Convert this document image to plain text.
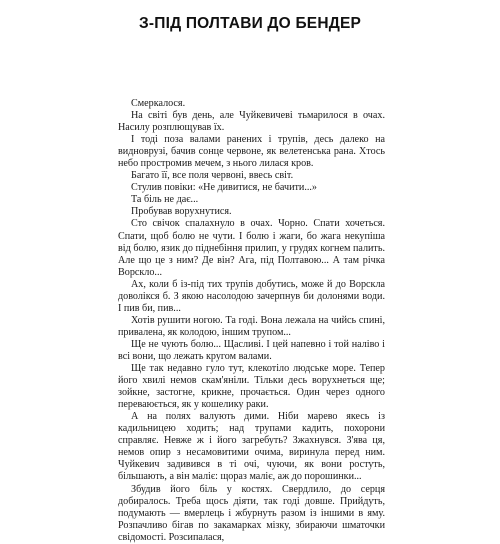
З-ПІД ПОЛТАВИ ДО БЕНДЕР

Смеркалося.

На світі був день, але Чуйкевичеві тьмарилося в очах. Насилу розплющував їх.

І тоді поза валами ранених і трупів, десь далеко на видноврузі, бачив сонце червоне, як велетенська рана. Хтось небо простромив мечем, з нього лилася кров.

Багато її, все поля червоні, ввесь світ.

Стулив повіки: «Не дивитися, не бачити...»

Та біль не дає...

Пробував ворухнутися.

Сто свічок спалахнуло в очах. Чорно. Спати хочеться. Спати, щоб болю не чути. І болю і жаги, бо жага некупіша від болю, язик до піднебіння прилип, у грудях когнем палить. Але що це з ним? Де він? Ага, під Полтавою... А там річка Ворскло...

Ах, коли б із-під тих трупів добутись, може й до Ворскла доволікся б. З якою насолодою зачерпнув би долонями води. І пив би, пив...

Хотів рушити ногою. Та годі. Вона лежала на чийсь спині, привалена, як колодою, іншим трупом...

Ще не чують болю... Щасливі. І цей напевно і той наліво і всі вони, що лежать кругом валами.

Ще так недавно гуло тут, клекотіло людське море. Тепер його хвилі немов скам'яніли. Тільки десь ворухнеться ще; зойкне, застогне, крикне, прочається. Один через одного переваюється, як у кошелику раки.

А на полях валують дими. Ніби марево якесь із кадильницею ходить; над трупами кадить, похорони справляє. Невже ж і його загребуть? Зжахнувся. З'ява ця, немов опир з несамовитими очима, виринула перед ним. Чуйкевич задивився в ті очі, чуючи, як вони ростуть, більшають, а він маліє: щораз маліє, аж до порошинки...

Збудив його біль у костях. Свердлило, до серця добиралось. Треба щось діяти, так годі довше. Прийдуть, подумають — вмерлець і жбурнуть разом із іншими в яму. Розпачливо бігав по закамарках мізку, збираючи шматочки свідомості. Розсипалася,
